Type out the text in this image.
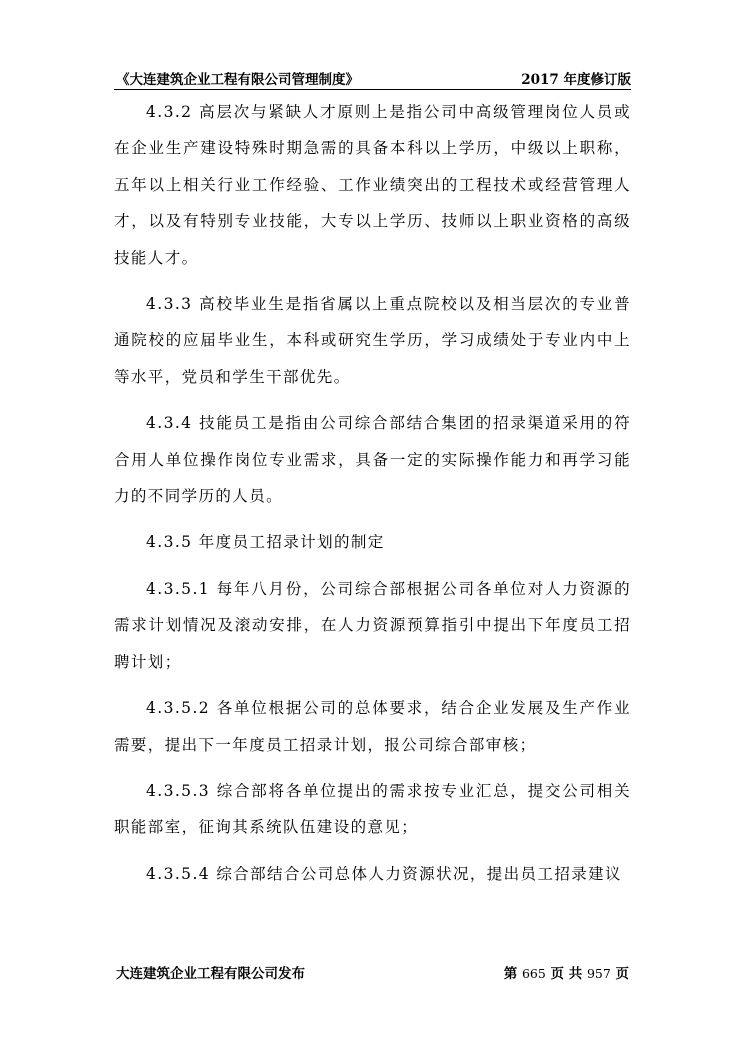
《大连建筑企业工程有限公司管理制度》	2017 年度修订版

4.3.2 高层次与紧缺人才原则上是指公司中高级管理岗位人员或在企业生产建设特殊时期急需的具备本科以上学历，中级以上职称，五年以上相关行业工作经验、工作业绩突出的工程技术或经营管理人才，以及有特别专业技能，大专以上学历、技师以上职业资格的高级技能人才。

4.3.3 高校毕业生是指省属以上重点院校以及相当层次的专业普通院校的应届毕业生，本科或研究生学历，学习成绩处于专业内中上等水平，党员和学生干部优先。

4.3.4 技能员工是指由公司综合部结合集团的招录渠道采用的符合用人单位操作岗位专业需求，具备一定的实际操作能力和再学习能力的不同学历的人员。

4.3.5 年度员工招录计划的制定

4.3.5.1 每年八月份，公司综合部根据公司各单位对人力资源的需求计划情况及滚动安排，在人力资源预算指引中提出下年度员工招聘计划；

4.3.5.2 各单位根据公司的总体要求，结合企业发展及生产作业需要，提出下一年度员工招录计划，报公司综合部审核；

4.3.5.3 综合部将各单位提出的需求按专业汇总，提交公司相关职能部室，征询其系统队伍建设的意见；

4.3.5.4 综合部结合公司总体人力资源状况，提出员工招录建议

大连建筑企业工程有限公司发布	第 665 页 共 957 页
